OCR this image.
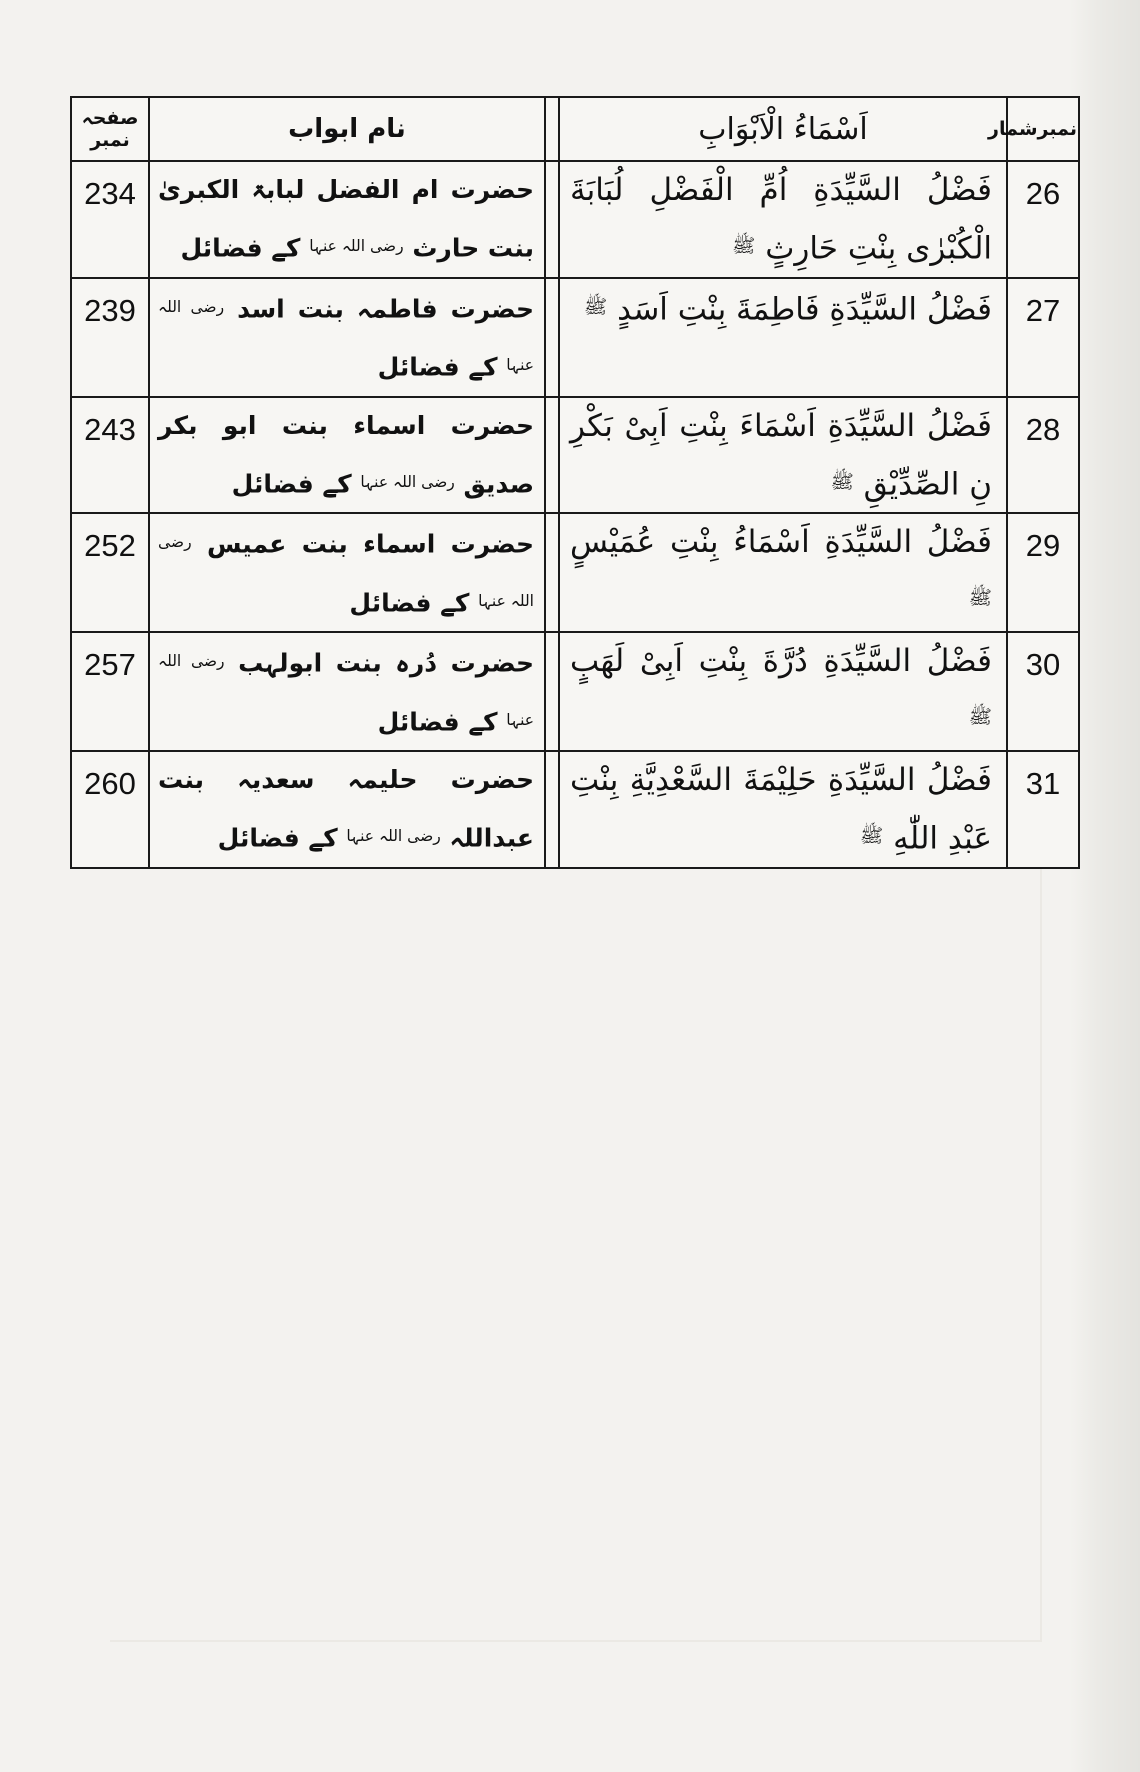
نمبرشمار	اَسْمَاءُ الْاَبْوَابِ		نام ابواب	صفحہ نمبر
26	فَضْلُ السَّیِّدَةِ اُمِّ الْفَضْلِ لُبَابَةَ الْکُبْرٰی بِنْتِ حَارِثٍ $^ﷺ$		حضرت ام الفضل لبابۃ الکبریٰ بنت حارث $^{رضی اللہ عنہا}$ کے فضائل	234
27	فَضْلُ السَّیِّدَةِ فَاطِمَةَ بِنْتِ اَسَدٍ $^ﷺ$		حضرت فاطمہ بنت اسد $^{رضی اللہ عنہا}$ کے فضائل	239
28	فَضْلُ السَّیِّدَةِ اَسْمَاءَ بِنْتِ اَبِیْ بَکْرِ نِ الصِّدِّیْقِ $^ﷺ$		حضرت اسماء بنت ابو بکر صدیق $^{رضی اللہ عنہا}$ کے فضائل	243
29	فَضْلُ السَّیِّدَةِ اَسْمَاءُ بِنْتِ عُمَیْسٍ $^ﷺ$		حضرت اسماء بنت عمیس $^{رضی اللہ عنہا}$ کے فضائل	252
30	فَضْلُ السَّیِّدَةِ دُرَّةَ بِنْتِ اَبِیْ لَهَبٍ $^ﷺ$		حضرت دُرہ بنت ابولہب $^{رضی اللہ عنہا}$ کے فضائل	257
31	فَضْلُ السَّیِّدَةِ حَلِیْمَةَ السَّعْدِیَّةِ بِنْتِ عَبْدِ اللّٰهِ $^ﷺ$		حضرت حلیمہ سعدیہ بنت عبداللہ $^{رضی اللہ عنہا}$ کے فضائل	260
